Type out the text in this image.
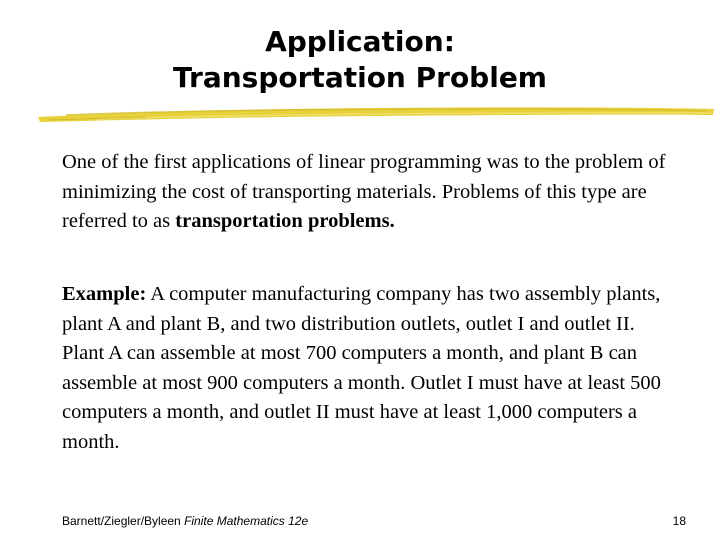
Application:
Transportation Problem

One of the first applications of linear programming was to the problem of minimizing the cost of transporting materials. Problems of this type are referred to as transportation problems.

Example: A computer manufacturing company has two assembly plants, plant A and plant B, and two distribution outlets, outlet I and outlet II. Plant A can assemble at most 700 computers a month, and plant B can assemble at most 900 computers a month. Outlet I must have at least 500 computers a month, and outlet II must have at least 1,000 computers a month.

Barnett/Ziegler/Byleen Finite Mathematics 12e	18
